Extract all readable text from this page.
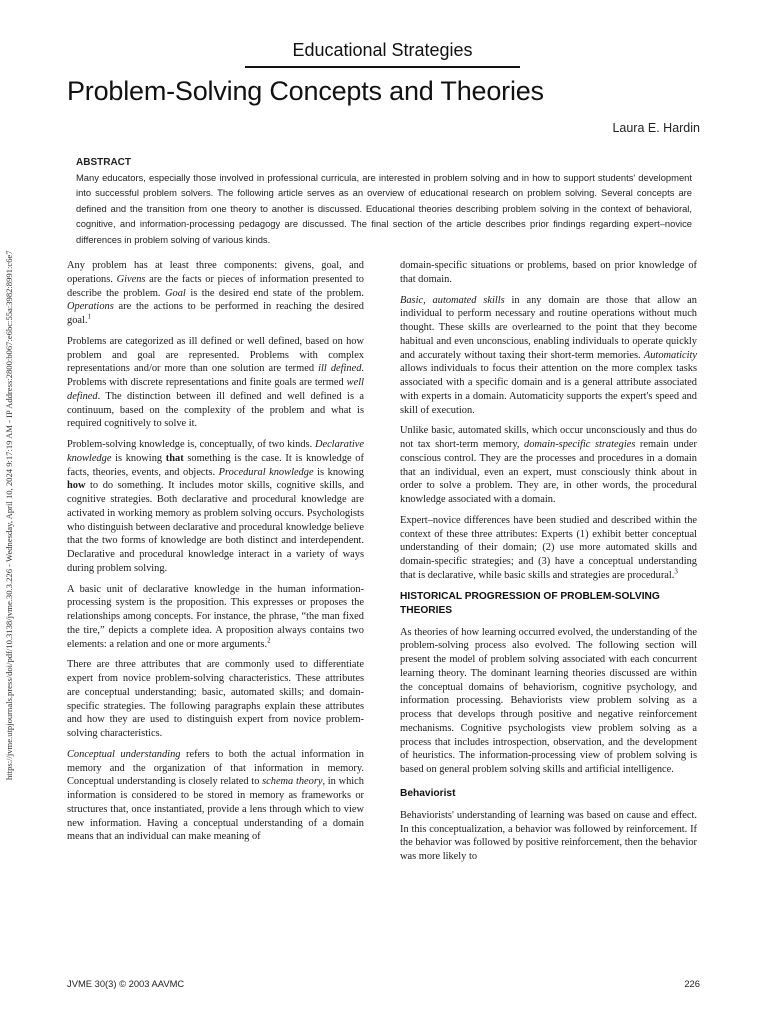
https://jvme.utpjournals.press/doi/pdf/10.3138/jvme.30.3.226 - Wednesday, April 10, 2024 9:17:19 AM - IP Address:2800:b067:e6bc:55a:3982:8991:c6e7
Educational Strategies
Problem-Solving Concepts and Theories
Laura E. Hardin

ABSTRACT

Many educators, especially those involved in professional curricula, are interested in problem solving and in how to support students' development into successful problem solvers. The following article serves as an overview of educational research on problem solving. Several concepts are defined and the transition from one theory to another is discussed. Educational theories describing problem solving in the context of behavioral, cognitive, and information-processing pedagogy are discussed. The final section of the article describes prior findings regarding expert–novice differences in problem solving of various kinds.

Any problem has at least three components: givens, goal, and operations. Givens are the facts or pieces of information presented to describe the problem. Goal is the desired end state of the problem. Operations are the actions to be performed in reaching the desired goal.$^1$

Problems are categorized as ill defined or well defined, based on how problem and goal are represented. Problems with complex representations and/or more than one solution are termed ill defined. Problems with discrete representations and finite goals are termed well defined. The distinction between ill defined and well defined is a continuum, based on the complexity of the problem and what is required cognitively to solve it.

Problem-solving knowledge is, conceptually, of two kinds. Declarative knowledge is knowing that something is the case. It is knowledge of facts, theories, events, and objects. Procedural knowledge is knowing how to do something. It includes motor skills, cognitive skills, and cognitive strategies. Both declarative and procedural knowledge are activated in working memory as problem solving occurs. Psychologists who distinguish between declarative and procedural knowledge believe that the two forms of knowledge are both distinct and interdependent. Declarative and procedural knowledge interact in a variety of ways during problem solving.

A basic unit of declarative knowledge in the human information-processing system is the proposition. This expresses or proposes the relationships among concepts. For instance, the phrase, “the man fixed the tire,” depicts a complete idea. A proposition always contains two elements: a relation and one or more arguments.$^2$

There are three attributes that are commonly used to differentiate expert from novice problem-solving characteristics. These attributes are conceptual understanding; basic, automated skills; and domain-specific strategies. The following paragraphs explain these attributes and how they are used to distinguish expert from novice problem-solving characteristics.

Conceptual understanding refers to both the actual information in memory and the organization of that information in memory. Conceptual understanding is closely related to schema theory, in which information is considered to be stored in memory as frameworks or structures that, once instantiated, provide a lens through which to view new information. Having a conceptual understanding of a domain means that an individual can make meaning of

domain-specific situations or problems, based on prior knowledge of that domain.

Basic, automated skills in any domain are those that allow an individual to perform necessary and routine operations without much thought. These skills are overlearned to the point that they become habitual and even unconscious, enabling individuals to operate quickly and accurately without taxing their short-term memories. Automaticity allows individuals to focus their attention on the more complex tasks associated with a specific domain and is a general attribute associated with experts in a domain. Automaticity supports the expert's speed and skill of execution.

Unlike basic, automated skills, which occur unconsciously and thus do not tax short-term memory, domain-specific strategies remain under conscious control. They are the processes and procedures in a domain that an individual, even an expert, must consciously think about in order to solve a problem. They are, in other words, the procedural knowledge associated with a domain.

Expert–novice differences have been studied and described within the context of these three attributes: Experts (1) exhibit better conceptual understanding of their domain; (2) use more automated skills and domain-specific strategies; and (3) have a conceptual understanding that is declarative, while basic skills and strategies are procedural.$^3$

HISTORICAL PROGRESSION OF PROBLEM-SOLVING THEORIES

As theories of how learning occurred evolved, the understanding of the problem-solving process also evolved. The following section will present the model of problem solving associated with each concurrent learning theory. The dominant learning theories discussed are within the conceptual domains of behaviorism, cognitive psychology, and information processing. Behaviorists view problem solving as a process that develops through positive and negative reinforcement mechanisms. Cognitive psychologists view problem solving as a process that includes introspection, observation, and the development of heuristics. The information-processing view of problem solving is based on general problem solving skills and artificial intelligence.

Behaviorist

Behaviorists' understanding of learning was based on cause and effect. In this conceptualization, a behavior was followed by reinforcement. If the behavior was followed by positive reinforcement, then the behavior was more likely to

JVME 30(3) © 2003 AAVMC	226
